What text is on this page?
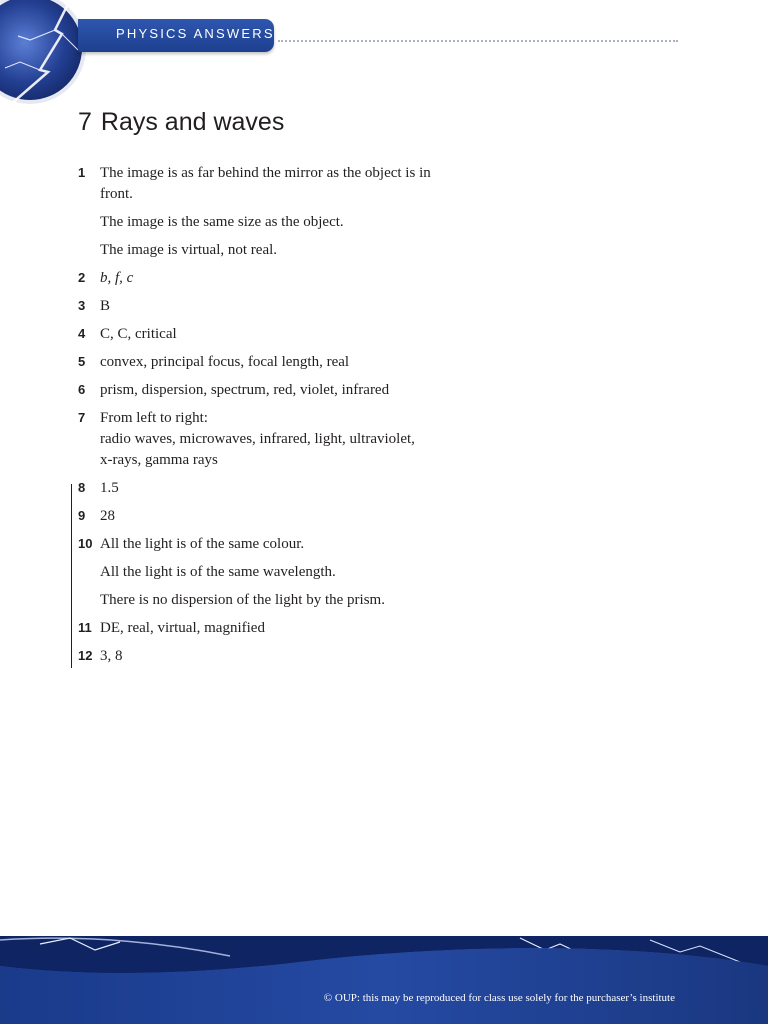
PHYSICS ANSWERS
7 Rays and waves
1 The image is as far behind the mirror as the object is in
front.
The image is the same size as the object.
The image is virtual, not real.
2 b, f, c
3 B
4 C, C, critical
5 convex, principal focus, focal length, real
6 prism, dispersion, spectrum, red, violet, infrared
7 From left to right:
radio waves, microwaves, infrared, light, ultraviolet,
x-rays, gamma rays
8 1.5
9 28
10 All the light is of the same colour.
All the light is of the same wavelength.
There is no dispersion of the light by the prism.
11 DE, real, virtual, magnified
12 3, 8
© OUP: this may be reproduced for class use solely for the purchaser’s institute
